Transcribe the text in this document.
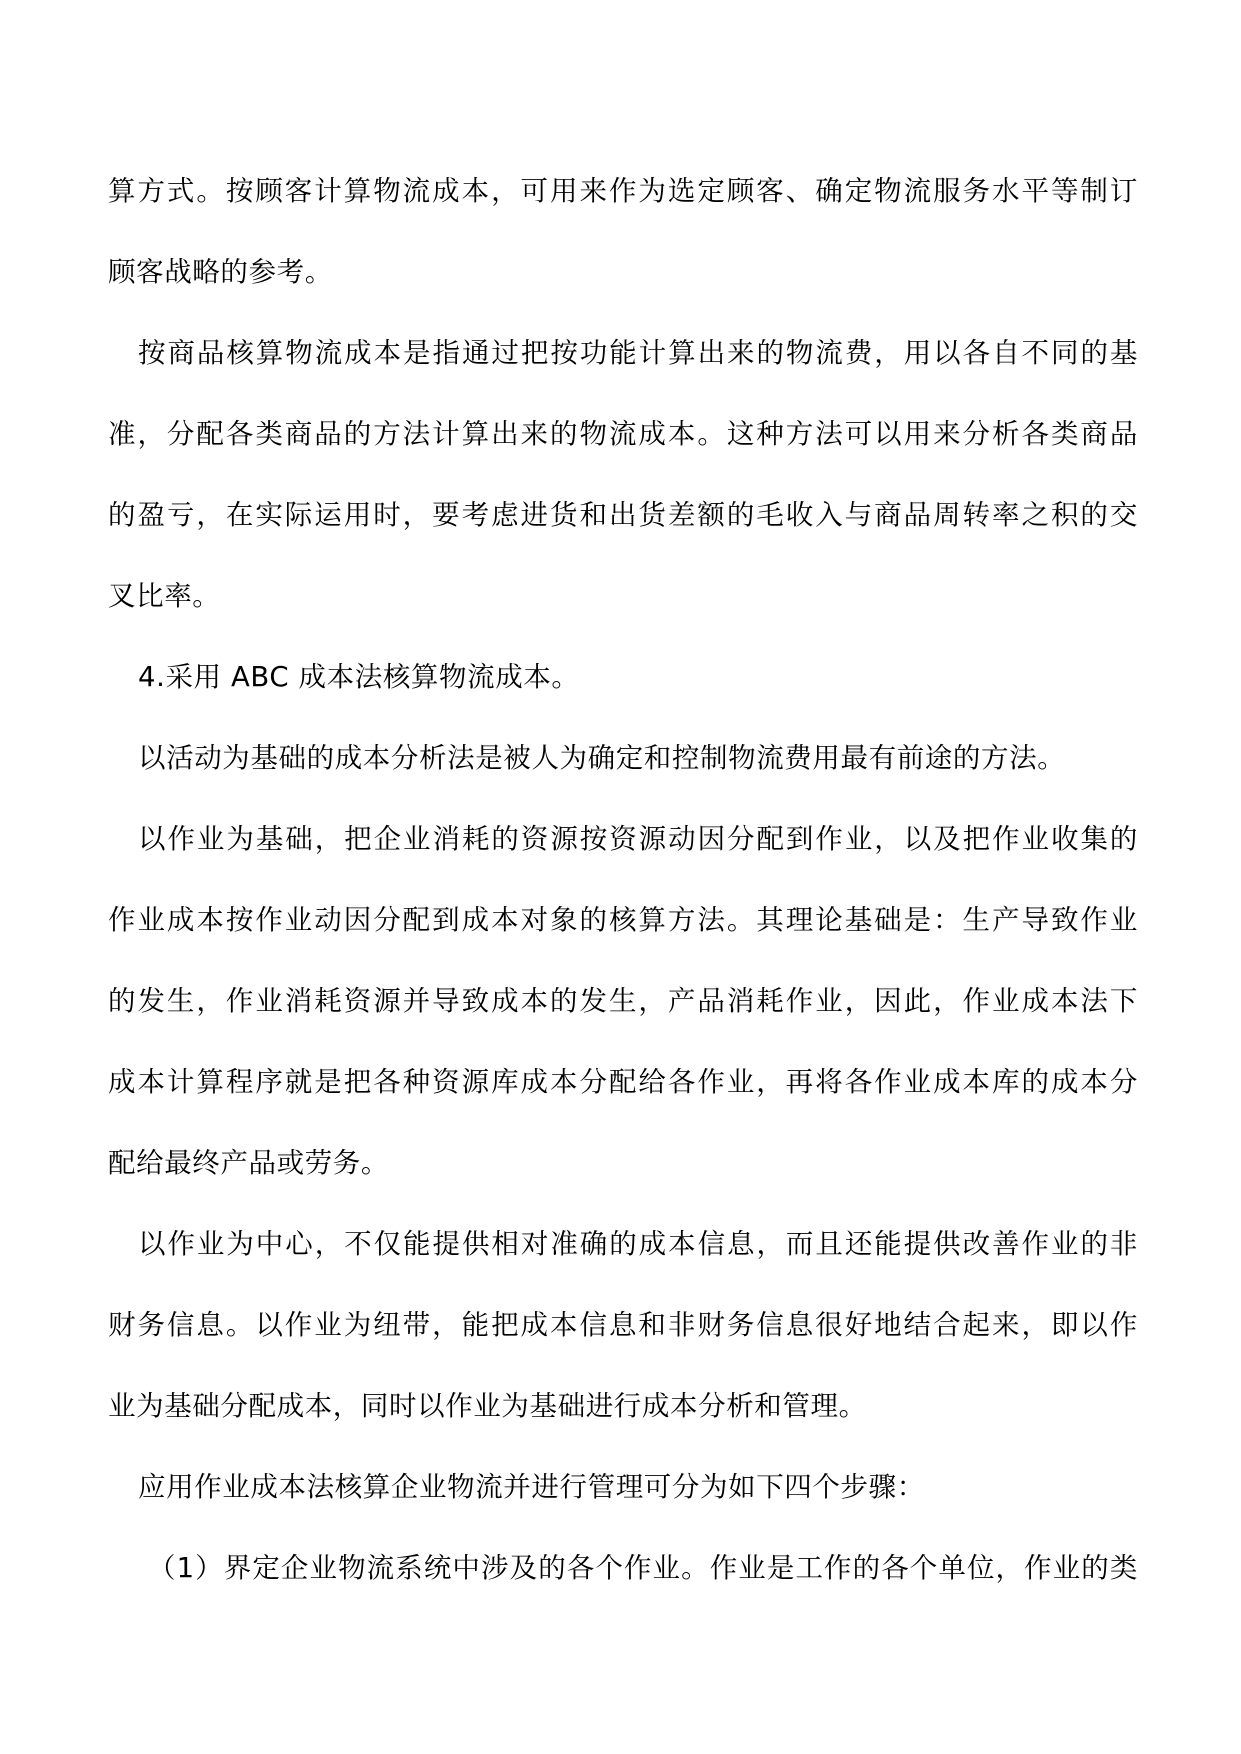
算方式。按顾客计算物流成本，可用来作为选定顾客、确定物流服务水平等制订
顾客战略的参考。
按商品核算物流成本是指通过把按功能计算出来的物流费，用以各自不同的基
准，分配各类商品的方法计算出来的物流成本。这种方法可以用来分析各类商品
的盈亏，在实际运用时，要考虑进货和出货差额的毛收入与商品周转率之积的交
叉比率。
4.采用 ABC 成本法核算物流成本。
以活动为基础的成本分析法是被人为确定和控制物流费用最有前途的方法。
以作业为基础，把企业消耗的资源按资源动因分配到作业，以及把作业收集的
作业成本按作业动因分配到成本对象的核算方法。其理论基础是：生产导致作业
的发生，作业消耗资源并导致成本的发生，产品消耗作业，因此，作业成本法下
成本计算程序就是把各种资源库成本分配给各作业，再将各作业成本库的成本分
配给最终产品或劳务。
以作业为中心，不仅能提供相对准确的成本信息，而且还能提供改善作业的非
财务信息。以作业为纽带，能把成本信息和非财务信息很好地结合起来，即以作
业为基础分配成本，同时以作业为基础进行成本分析和管理。
应用作业成本法核算企业物流并进行管理可分为如下四个步骤：
（1）界定企业物流系统中涉及的各个作业。作业是工作的各个单位，作业的类
